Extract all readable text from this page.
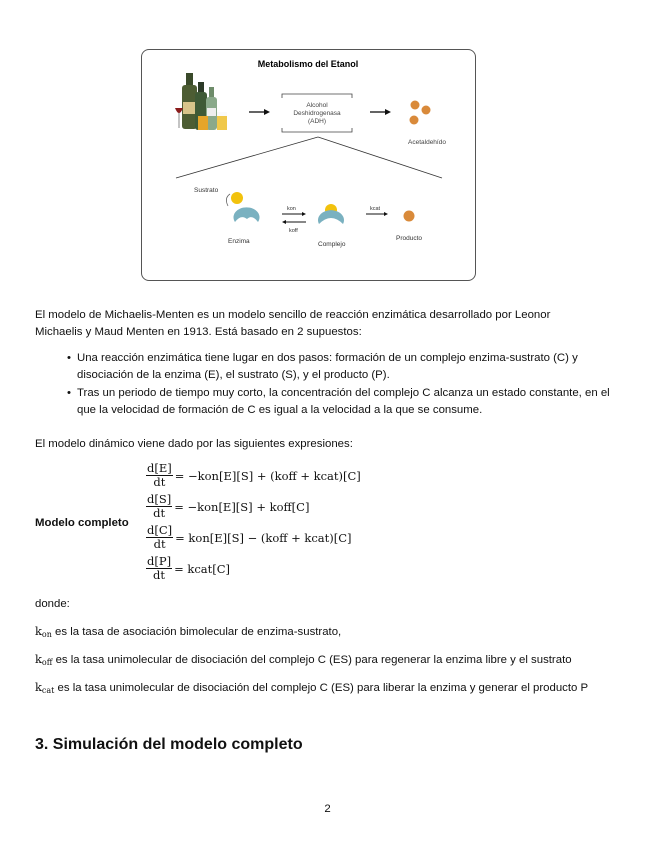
Metabolismo del Etanol
Alcohol
Deshidrogenasa
(ADH)
Acetaldehído
Sustrato
Enzima
kon
koff
Complejo
kcat
Producto
El modelo de Michaelis-Menten es un modelo sencillo de reacción enzimática desarrollado por Leonor Michaelis y Maud Menten en 1913. Está basado en 2 supuestos:
• Una reacción enzimática tiene lugar en dos pasos: formación de un complejo enzima-sustrato (C) y disociación de la enzima (E), el sustrato (S), y el producto (P).
• Tras un periodo de tiempo muy corto, la concentración del complejo C alcanza un estado constante, en el que la velocidad de formación de C es igual a la velocidad a la que se consume.
El modelo dinámico viene dado por las siguientes expresiones:
Modelo completo
$\frac{d[E]}{dt} = -kon[E][S]$ + (koff + kcat)[C]
$\frac{d[S]}{dt} = -kon[E][S]$ + koff[C]
$\frac{d[C]}{dt} = kon[E][S]$ − (koff + kcat)[C]
$\frac{d[P]}{dt}$ = kcat[C]
donde:
$k_{on}$ es la tasa de asociación bimolecular de enzima-sustrato,
$k_{off}$ es la tasa unimolecular de disociación del complejo C (ES) para regenerar la enzima libre y el sustrato
$k_{cat}$ es la tasa unimolecular de disociación del complejo C (ES) para liberar la enzima y generar el producto P
3. Simulación del modelo completo
2
